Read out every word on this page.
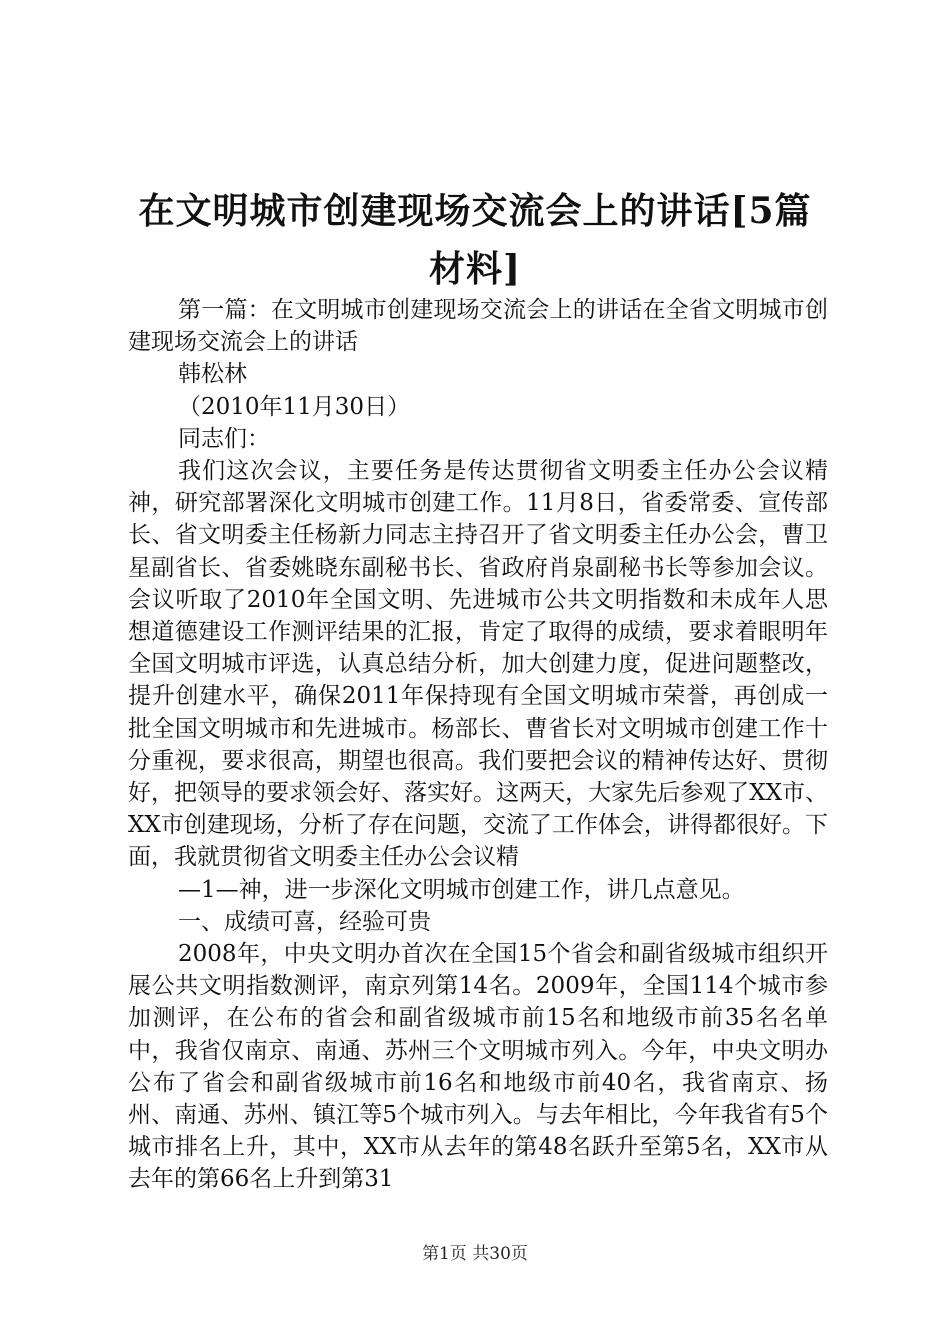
在文明城市创建现场交流会上的讲话[5篇材料]

第一篇：在文明城市创建现场交流会上的讲话在全省文明城市创建现场交流会上的讲话

韩松林

（2010年11月30日）

同志们：

我们这次会议，主要任务是传达贯彻省文明委主任办公会议精神，研究部署深化文明城市创建工作。11月8日，省委常委、宣传部长、省文明委主任杨新力同志主持召开了省文明委主任办公会，曹卫星副省长、省委姚晓东副秘书长、省政府肖泉副秘书长等参加会议。会议听取了2010年全国文明、先进城市公共文明指数和未成年人思想道德建设工作测评结果的汇报，肯定了取得的成绩，要求着眼明年全国文明城市评选，认真总结分析，加大创建力度，促进问题整改，提升创建水平，确保2011年保持现有全国文明城市荣誉，再创成一批全国文明城市和先进城市。杨部长、曹省长对文明城市创建工作十分重视，要求很高，期望也很高。我们要把会议的精神传达好、贯彻好，把领导的要求领会好、落实好。这两天，大家先后参观了XX市、XX市创建现场，分析了存在问题，交流了工作体会，讲得都很好。下面，我就贯彻省文明委主任办公会议精

—1—神，进一步深化文明城市创建工作，讲几点意见。

一、成绩可喜，经验可贵

2008年，中央文明办首次在全国15个省会和副省级城市组织开展公共文明指数测评，南京列第14名。2009年，全国114个城市参加测评，在公布的省会和副省级城市前15名和地级市前35名名单中，我省仅南京、南通、苏州三个文明城市列入。今年，中央文明办公布了省会和副省级城市前16名和地级市前40名，我省南京、扬州、南通、苏州、镇江等5个城市列入。与去年相比，今年我省有5个城市排名上升，其中，XX市从去年的第48名跃升至第5名，XX市从去年的第66名上升到第31

第1页 共30页
